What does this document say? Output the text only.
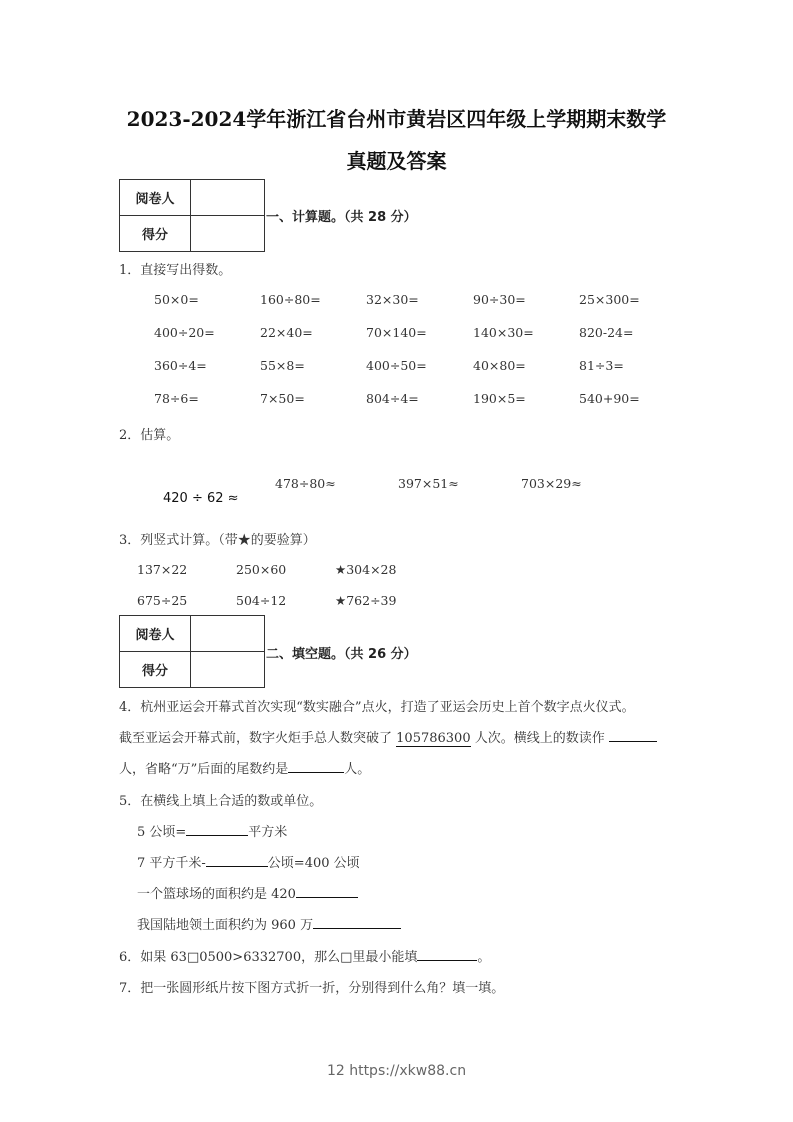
2023-2024学年浙江省台州市黄岩区四年级上学期期末数学
真题及答案
阅卷人	
得分	
一、计算题。（共 28 分）
1．直接写出得数。
50×0=	160÷80=	32×30=	90÷30=	25×300=
400÷20=	22×40=	70×140=	140×30=	820-24=
360÷4=	55×8=	400÷50=	40×80=	81÷3=
78÷6=	7×50=	804÷4=	190×5=	540+90=
2．估算。
420 ÷ 62 ≈
478÷80≈	397×51≈	703×29≈
3．列竖式计算。（带★的要验算）
137×22	250×60	★304×28
675÷25	504÷12	★762÷39
阅卷人	
得分	
二、填空题。（共 26 分）
4．杭州亚运会开幕式首次实现“数实融合”点火，打造了亚运会历史上首个数字点火仪式。
截至亚运会开幕式前，数字火炬手总人数突破了 105786300 人次。横线上的数读作
人，省略“万”后面的尾数约是	人。
5．在横线上填上合适的数或单位。
5 公顷=	平方米
7 平方千米-	公顷=400 公顷
一个篮球场的面积约是 420
我国陆地领土面积约为 960 万
6．如果 63□0500>6332700，那么□里最小能填	。
7．把一张圆形纸片按下图方式折一折，分别得到什么角？填一填。
12 https://xkw88.cn
